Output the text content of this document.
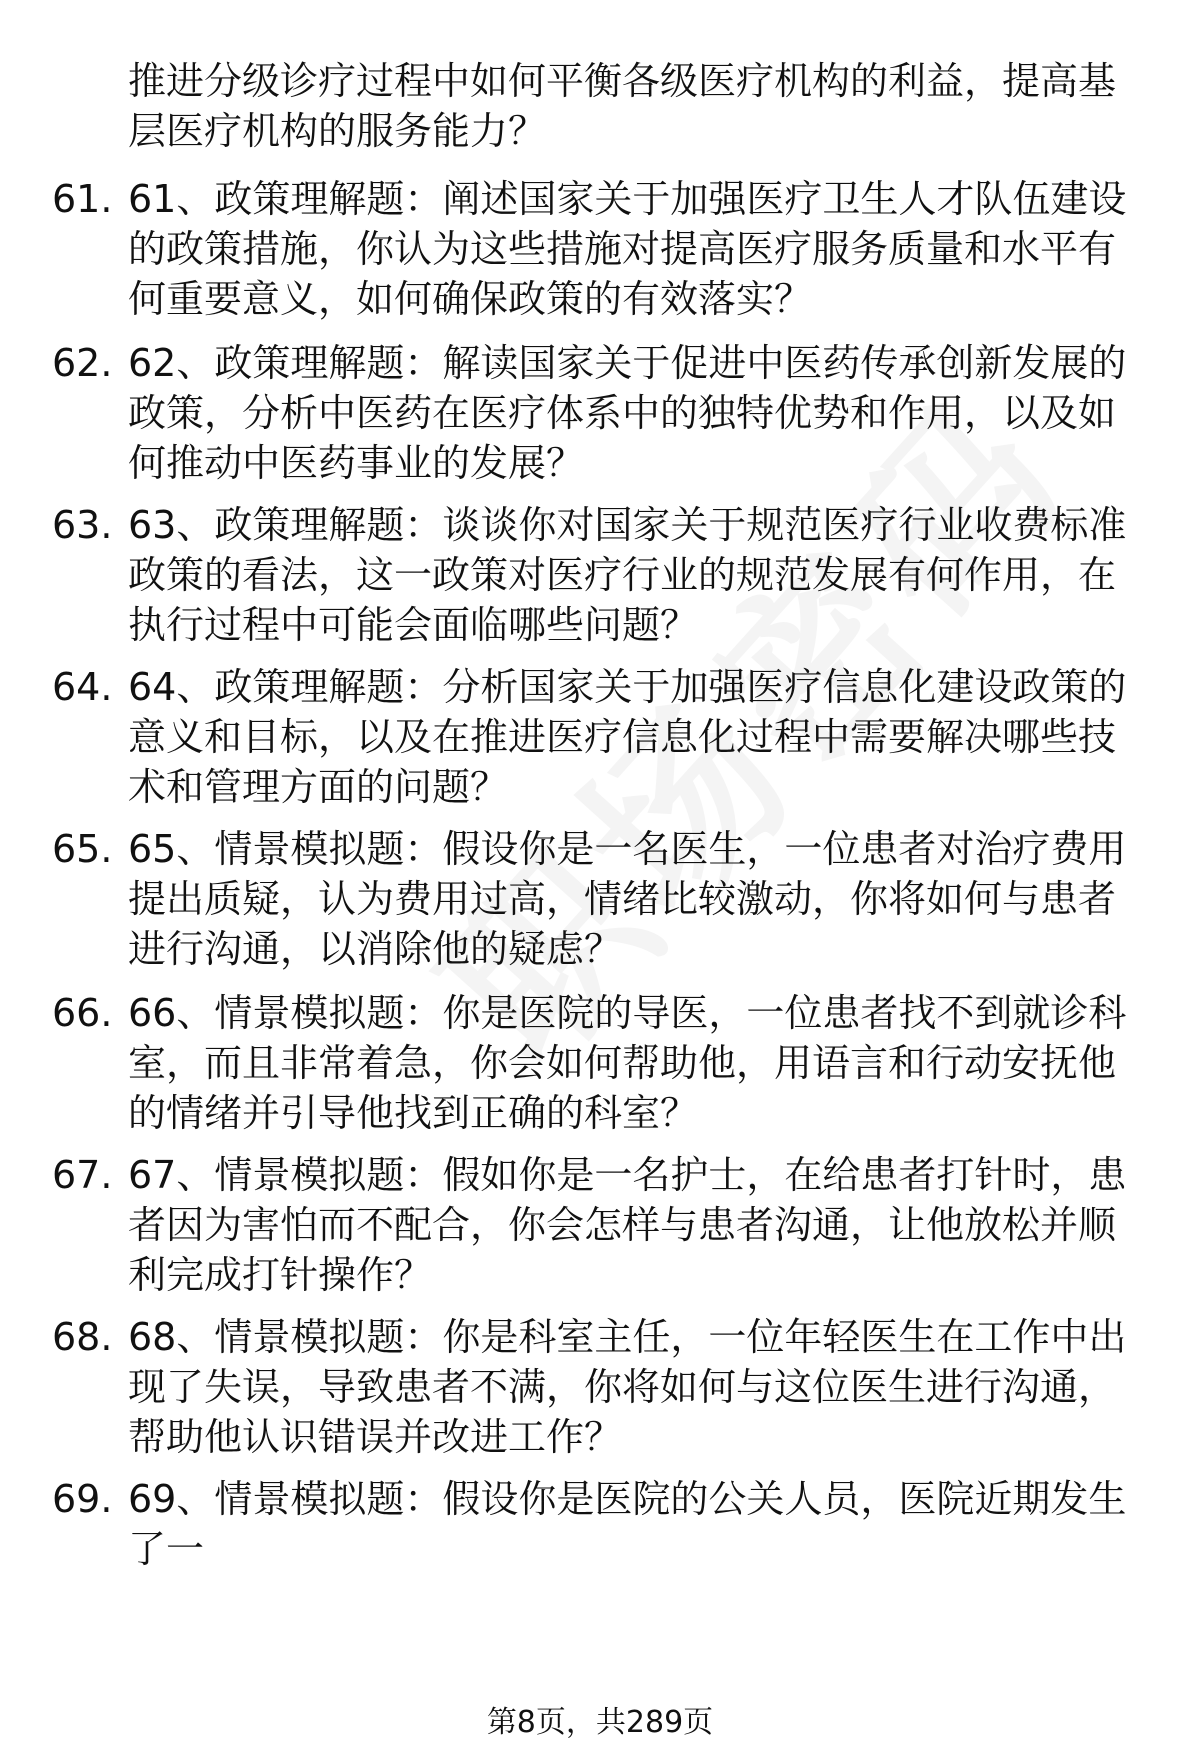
推进分级诊疗过程中如何平衡各级医疗机构的利益，提高基层医疗机构的服务能力？
61. 61、政策理解题：阐述国家关于加强医疗卫生人才队伍建设的政策措施，你认为这些措施对提高医疗服务质量和水平有何重要意义，如何确保政策的有效落实？
62. 62、政策理解题：解读国家关于促进中医药传承创新发展的政策，分析中医药在医疗体系中的独特优势和作用，以及如何推动中医药事业的发展？
63. 63、政策理解题：谈谈你对国家关于规范医疗行业收费标准政策的看法，这一政策对医疗行业的规范发展有何作用，在执行过程中可能会面临哪些问题？
64. 64、政策理解题：分析国家关于加强医疗信息化建设政策的意义和目标，以及在推进医疗信息化过程中需要解决哪些技术和管理方面的问题？
65. 65、情景模拟题：假设你是一名医生，一位患者对治疗费用提出质疑，认为费用过高，情绪比较激动，你将如何与患者进行沟通，以消除他的疑虑？
66. 66、情景模拟题：你是医院的导医，一位患者找不到就诊科室，而且非常着急，你会如何帮助他，用语言和行动安抚他的情绪并引导他找到正确的科室？
67. 67、情景模拟题：假如你是一名护士，在给患者打针时，患者因为害怕而不配合，你会怎样与患者沟通，让他放松并顺利完成打针操作？
68. 68、情景模拟题：你是科室主任，一位年轻医生在工作中出现了失误，导致患者不满，你将如何与这位医生进行沟通，帮助他认识错误并改进工作？
69. 69、情景模拟题：假设你是医院的公关人员，医院近期发生了一
第8页，共289页
